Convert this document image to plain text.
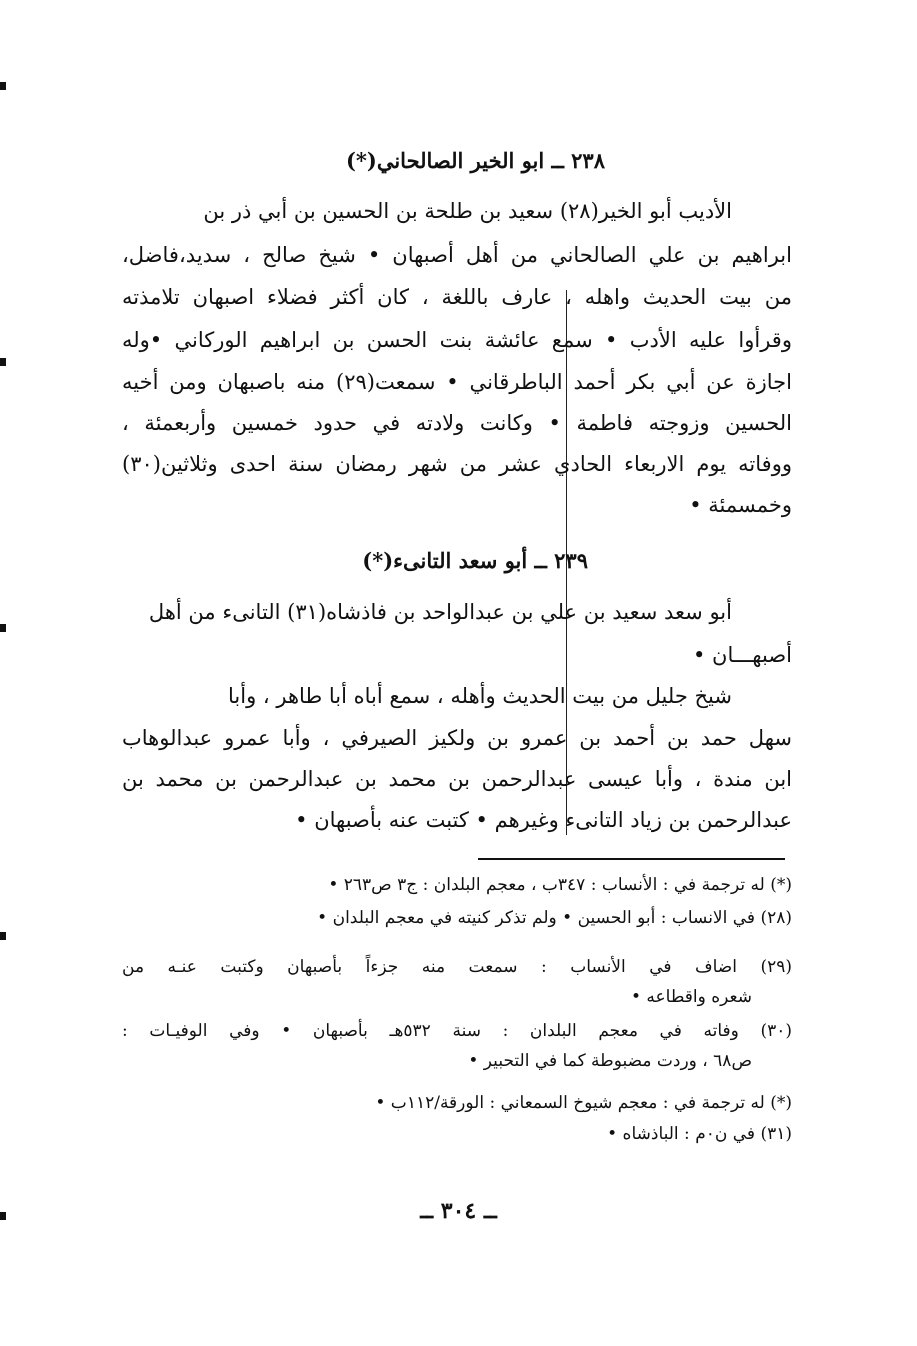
٢٣٨ ــ ابو الخير الصالحاني(*)
الأديب أبو الخير(٢٨) سعيد بن طلحة بن الحسين بن أبي ذر بن
ابراهيم بن علي الصالحاني من أهل أصبهان • شيخ صالح ، سديد،فاضل،
من بيت الحديث واهله ، عارف باللغة ، كان أكثر فضلاء اصبهان تلامذته
وقرأوا عليه الأدب • سمع عائشة بنت الحسن بن ابراهيم الوركاني •وله
اجازة عن أبي بكر أحمد الباطرقاني • سمعت(٢٩) منه باصبهان ومن أخيه
الحسين وزوجته فاطمة • وكانت ولادته في حدود خمسين وأربعمئة ،
ووفاته يوم الاربعاء الحادي عشر من شهر رمضان سنة احدى وثلاثين(٣٠)
وخمسمئة •
٢٣٩ ــ أبو سعد التانىء(*)
أبو سعد سعيد بن علي بن عبدالواحد بن فاذشاه(٣١) التانىء من أهل
أصبهـــان •
شيخ جليل من بيت الحديث وأهله ، سمع أباه أبا طاهر ، وأبا
سهل حمد بن أحمد بن عمرو بن ولكيز الصيرفي ، وأبا عمرو عبدالوهاب
ابن مندة ، وأبا عيسى عبدالرحمن بن محمد بن عبدالرحمن بن محمد بن
عبدالرحمن بن زياد التانىء وغيرهم • كتبت عنه بأصبهان •
(*) له ترجمة في : الأنساب : ٣٤٧ب ، معجم البلدان : ج٣ ص٢٦٣ •
(٢٨) في الانساب : أبو الحسين • ولم تذكر كنيته في معجم البلدان •
(٢٩) اضاف في الأنساب : سمعت منه جزءاً بأصبهان وكتبت عنـه من
شعره واقطاعه •
(٣٠) وفاته في معجم البلدان : سنة ٥٣٢هـ بأصبهان • وفي الوفيـات :
ص٦٨ ، وردت مضبوطة كما في التحبير •
(*) له ترجمة في : معجم شيوخ السمعاني : الورقة/١١٢ب •
(٣١) في ن٠م : الباذشاه •
ــ ٣٠٤ ــ
